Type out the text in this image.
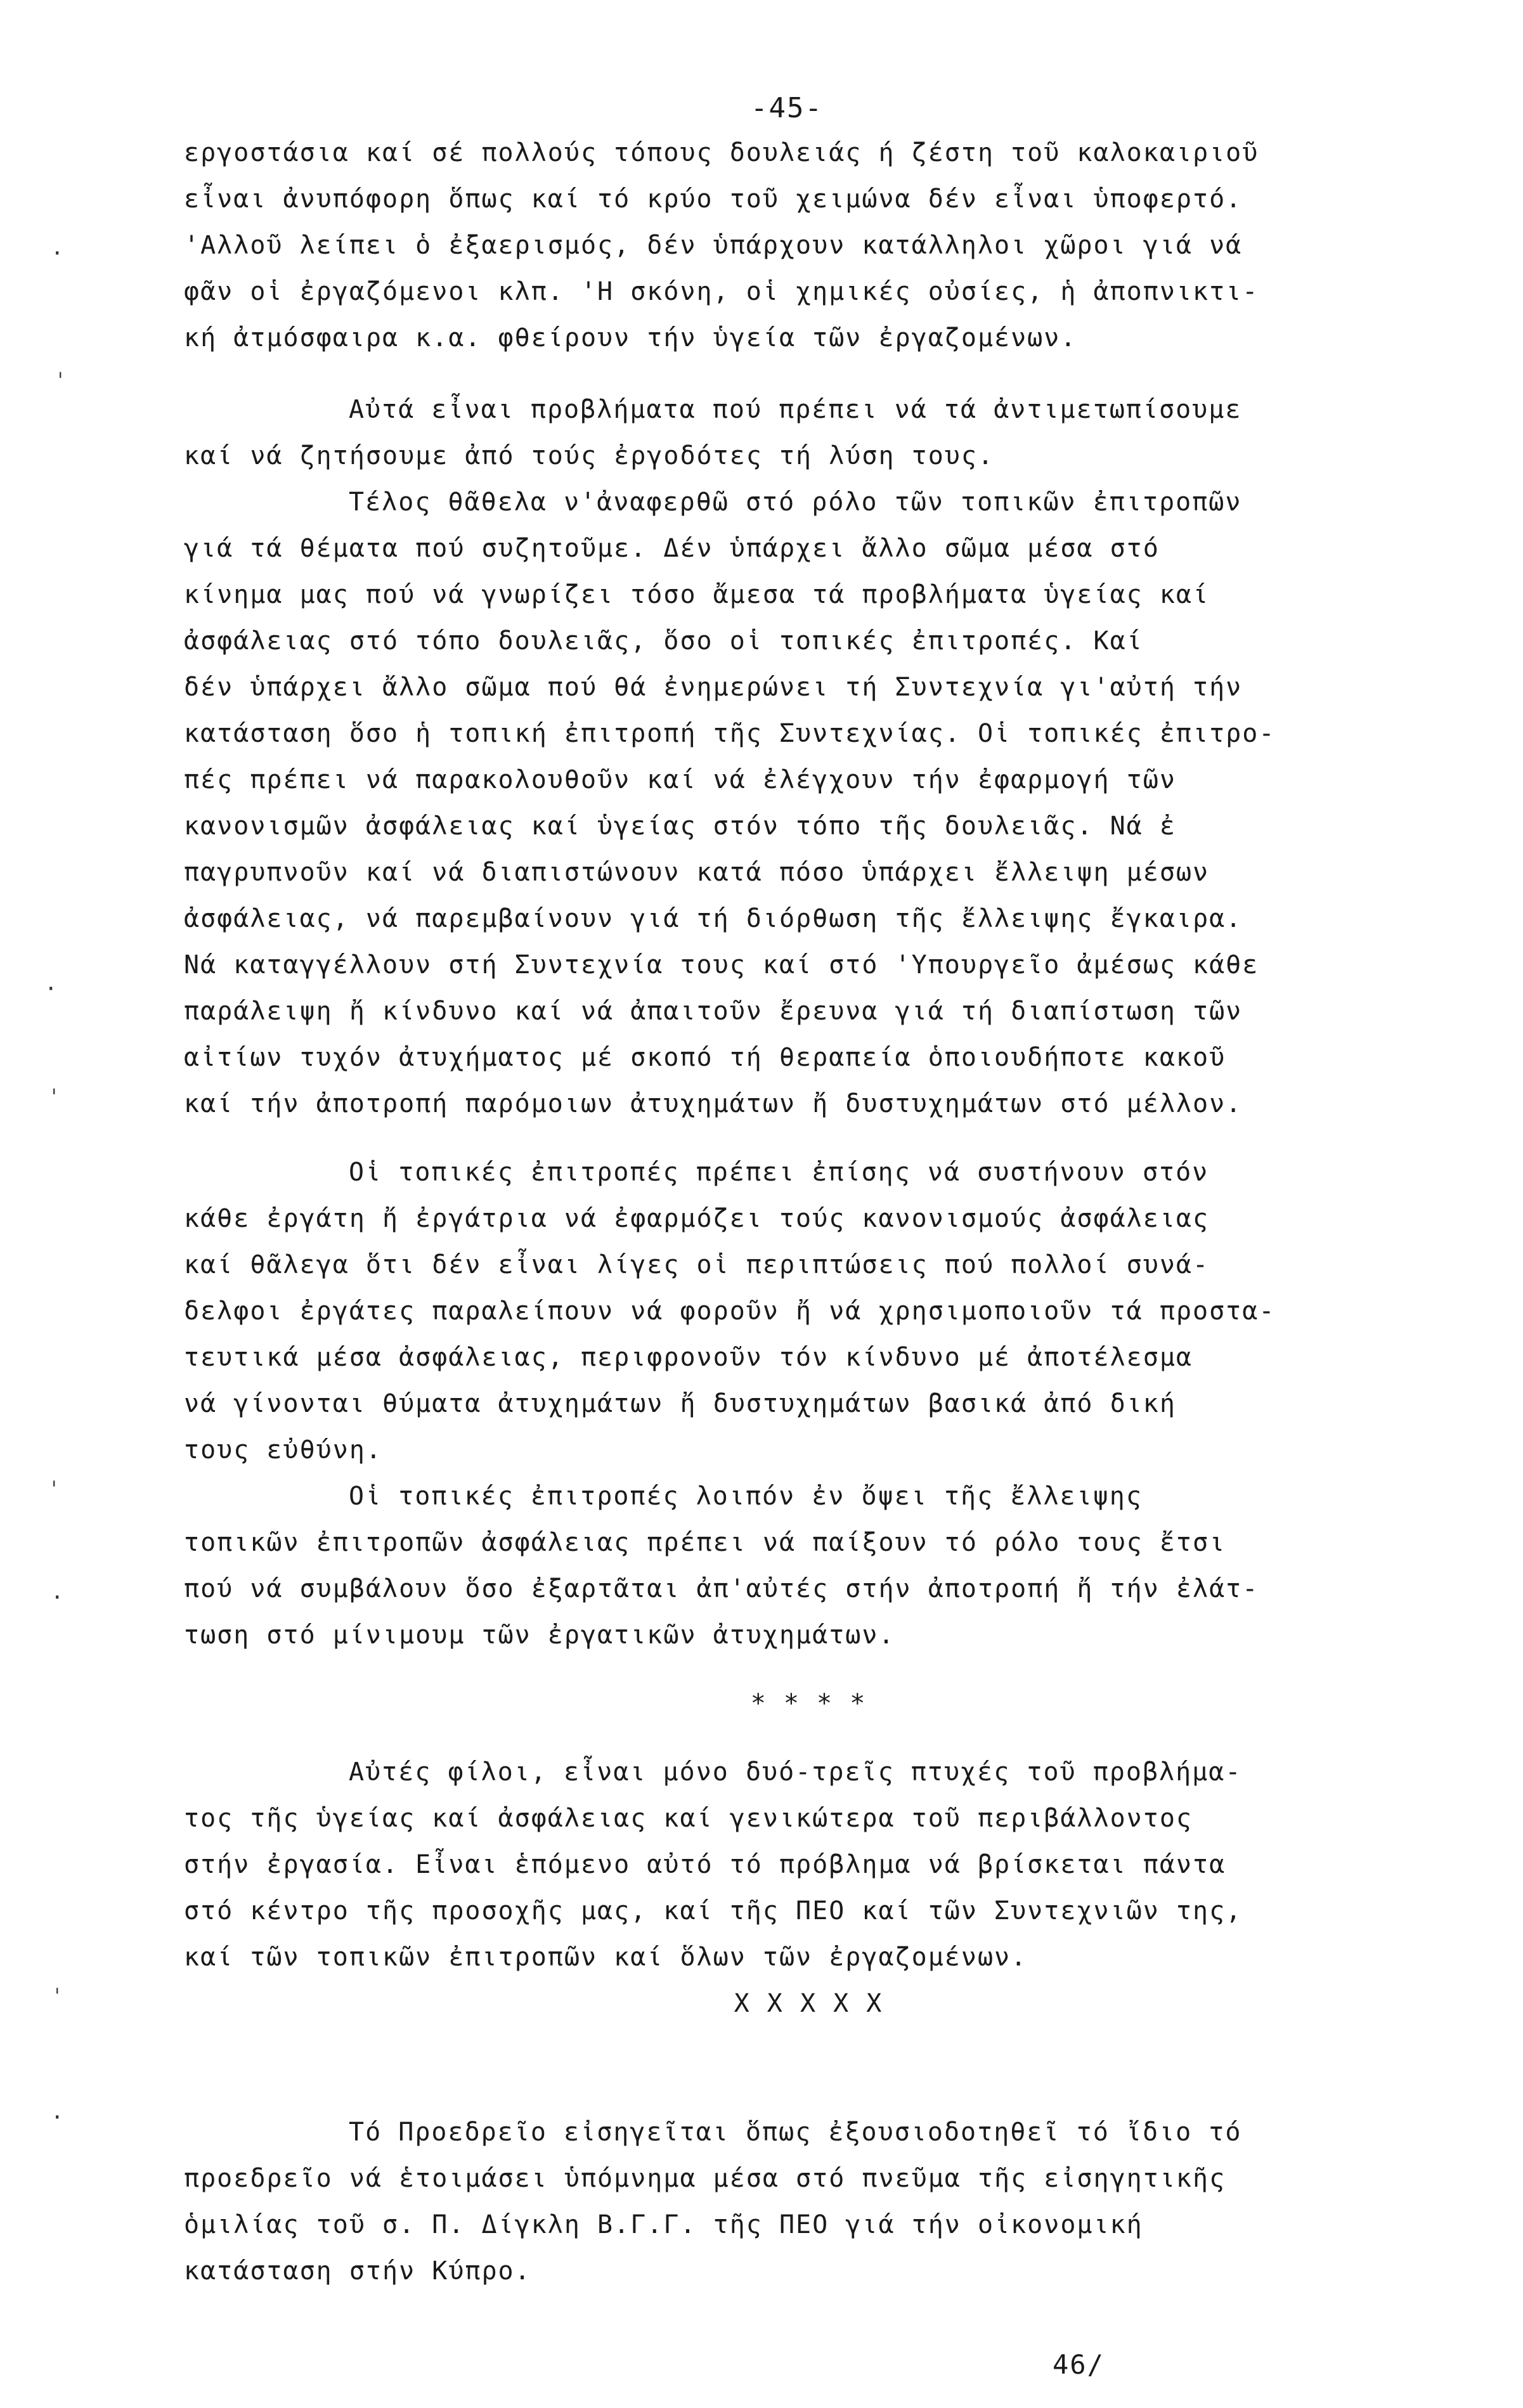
-45-
εργοστάσια καί σέ πολλούς τόπους δουλειάς ή ζέστη τοῦ καλοκαιριοῦ
εἶναι ἀνυπόφορη ὅπως καί τό κρύο τοῦ χειμώνα δέν εἶναι ὑποφερτό.
'Αλλοῦ λείπει ὁ ἐξαερισμός, δέν ὑπάρχουν κατάλληλοι χῶροι γιά νά
φᾶν οἱ ἐργαζόμενοι κλπ. 'Η σκόνη, οἱ χημικές οὐσίες, ἡ ἀποπνικτι-
κή ἀτμόσφαιρα κ.α. φθείρουν τήν ὑγεία τῶν ἐργαζομένων.
Αὐτά εἶναι προβλήματα πού πρέπει νά τά ἀντιμετωπίσουμε
καί νά ζητήσουμε ἀπό τούς ἐργοδότες τή λύση τους.
Τέλος θᾶθελα ν'ἀναφερθῶ στό ρόλο τῶν τοπικῶν ἐπιτροπῶν
γιά τά θέματα πού συζητοῦμε. Δέν ὑπάρχει ἄλλο σῶμα μέσα στό
κίνημα μας πού νά γνωρίζει τόσο ἄμεσα τά προβλήματα ὑγείας καί
ἀσφάλειας στό τόπο δουλειᾶς, ὅσο οἱ τοπικές ἐπιτροπές. Καί
δέν ὑπάρχει ἄλλο σῶμα πού θά ἐνημερώνει τή Συντεχνία γι'αὐτή τήν
κατάσταση ὅσο ἡ τοπική ἐπιτροπή τῆς Συντεχνίας. Οἱ τοπικές ἐπιτρο-
πές πρέπει νά παρακολουθοῦν καί νά ἐλέγχουν τήν ἐφαρμογή τῶν
κανονισμῶν ἀσφάλειας καί ὑγείας στόν τόπο τῆς δουλειᾶς. Νά ἐ
παγρυπνοῦν καί νά διαπιστώνουν κατά πόσο ὑπάρχει ἔλλειψη μέσων
ἀσφάλειας, νά παρεμβαίνουν γιά τή διόρθωση τῆς ἔλλειψης ἔγκαιρα.
Νά καταγγέλλουν στή Συντεχνία τους καί στό 'Υπουργεῖο ἀμέσως κάθε
παράλειψη ἤ κίνδυνο καί νά ἀπαιτοῦν ἔρευνα γιά τή διαπίστωση τῶν
αἰτίων τυχόν ἀτυχήματος μέ σκοπό τή θεραπεία ὁποιουδήποτε κακοῦ
καί τήν ἀποτροπή παρόμοιων ἀτυχημάτων ἤ δυστυχημάτων στό μέλλον.
Οἱ τοπικές ἐπιτροπές πρέπει ἐπίσης νά συστήνουν στόν
κάθε ἐργάτη ἤ ἐργάτρια νά ἐφαρμόζει τούς κανονισμούς ἀσφάλειας
καί θᾶλεγα ὅτι δέν εἶναι λίγες οἱ περιπτώσεις πού πολλοί συνά-
δελφοι ἐργάτες παραλείπουν νά φοροῦν ἤ νά χρησιμοποιοῦν τά προστα-
τευτικά μέσα ἀσφάλειας, περιφρονοῦν τόν κίνδυνο μέ ἀποτέλεσμα
νά γίνονται θύματα ἀτυχημάτων ἤ δυστυχημάτων βασικά ἀπό δική
τους εὐθύνη.
Οἱ τοπικές ἐπιτροπές λοιπόν ἐν ὄψει τῆς ἔλλειψης
τοπικῶν ἐπιτροπῶν ἀσφάλειας πρέπει νά παίξουν τό ρόλο τους ἔτσι
πού νά συμβάλουν ὅσο ἐξαρτᾶται ἀπ'αὐτές στήν ἀποτροπή ἤ τήν ἐλάτ-
τωση στό μίνιμουμ τῶν ἐργατικῶν ἀτυχημάτων.
* * * *
Αὐτές φίλοι, εἶναι μόνο δυό-τρεῖς πτυχές τοῦ προβλήμα-
τος τῆς ὑγείας καί ἀσφάλειας καί γενικώτερα τοῦ περιβάλλοντος
στήν ἐργασία. Εἶναι ἑπόμενο αὐτό τό πρόβλημα νά βρίσκεται πάντα
στό κέντρο τῆς προσοχῆς μας, καί τῆς ΠΕΟ καί τῶν Συντεχνιῶν της,
καί τῶν τοπικῶν ἐπιτροπῶν καί ὅλων τῶν ἐργαζομένων.
X X X X X
Τό Προεδρεῖο εἰσηγεῖται ὅπως ἐξουσιοδοτηθεῖ τό ἴδιο τό
προεδρεῖο νά ἑτοιμάσει ὑπόμνημα μέσα στό πνεῦμα τῆς εἰσηγητικῆς
ὁμιλίας τοῦ σ. Π. Δίγκλη Β.Γ.Γ. τῆς ΠΕΟ γιά τήν οἰκονομική
κατάσταση στήν Κύπρο.
46/
·
ˌ
·
ˌ
ˈ
·
ˈ
·
